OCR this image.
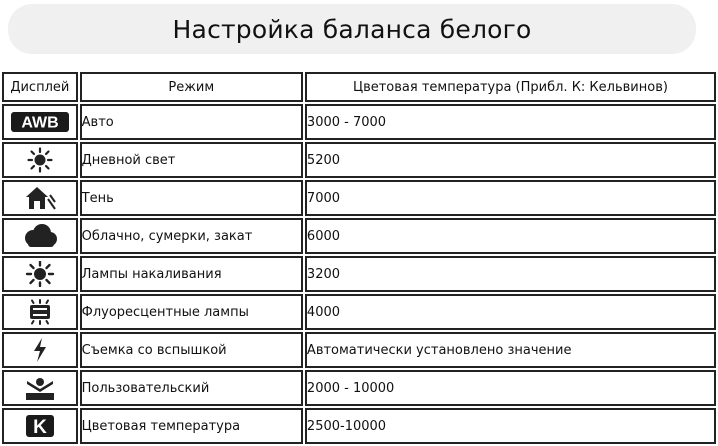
Настройка баланса белого
Дисплей	Режим	Цветовая температура (Прибл. К: Кельвинов)

AWB	Авто	3000 - 7000
	Дневной свет	5200
	Тень	7000
	Облачно, сумерки, закат	6000
	Лампы накаливания	3200
	Флуоресцентные лампы	4000
	Съемка со вспышкой	Автоматически установлено значение
	Пользовательский	2000 - 10000

K	Цветовая температура	2500-10000
